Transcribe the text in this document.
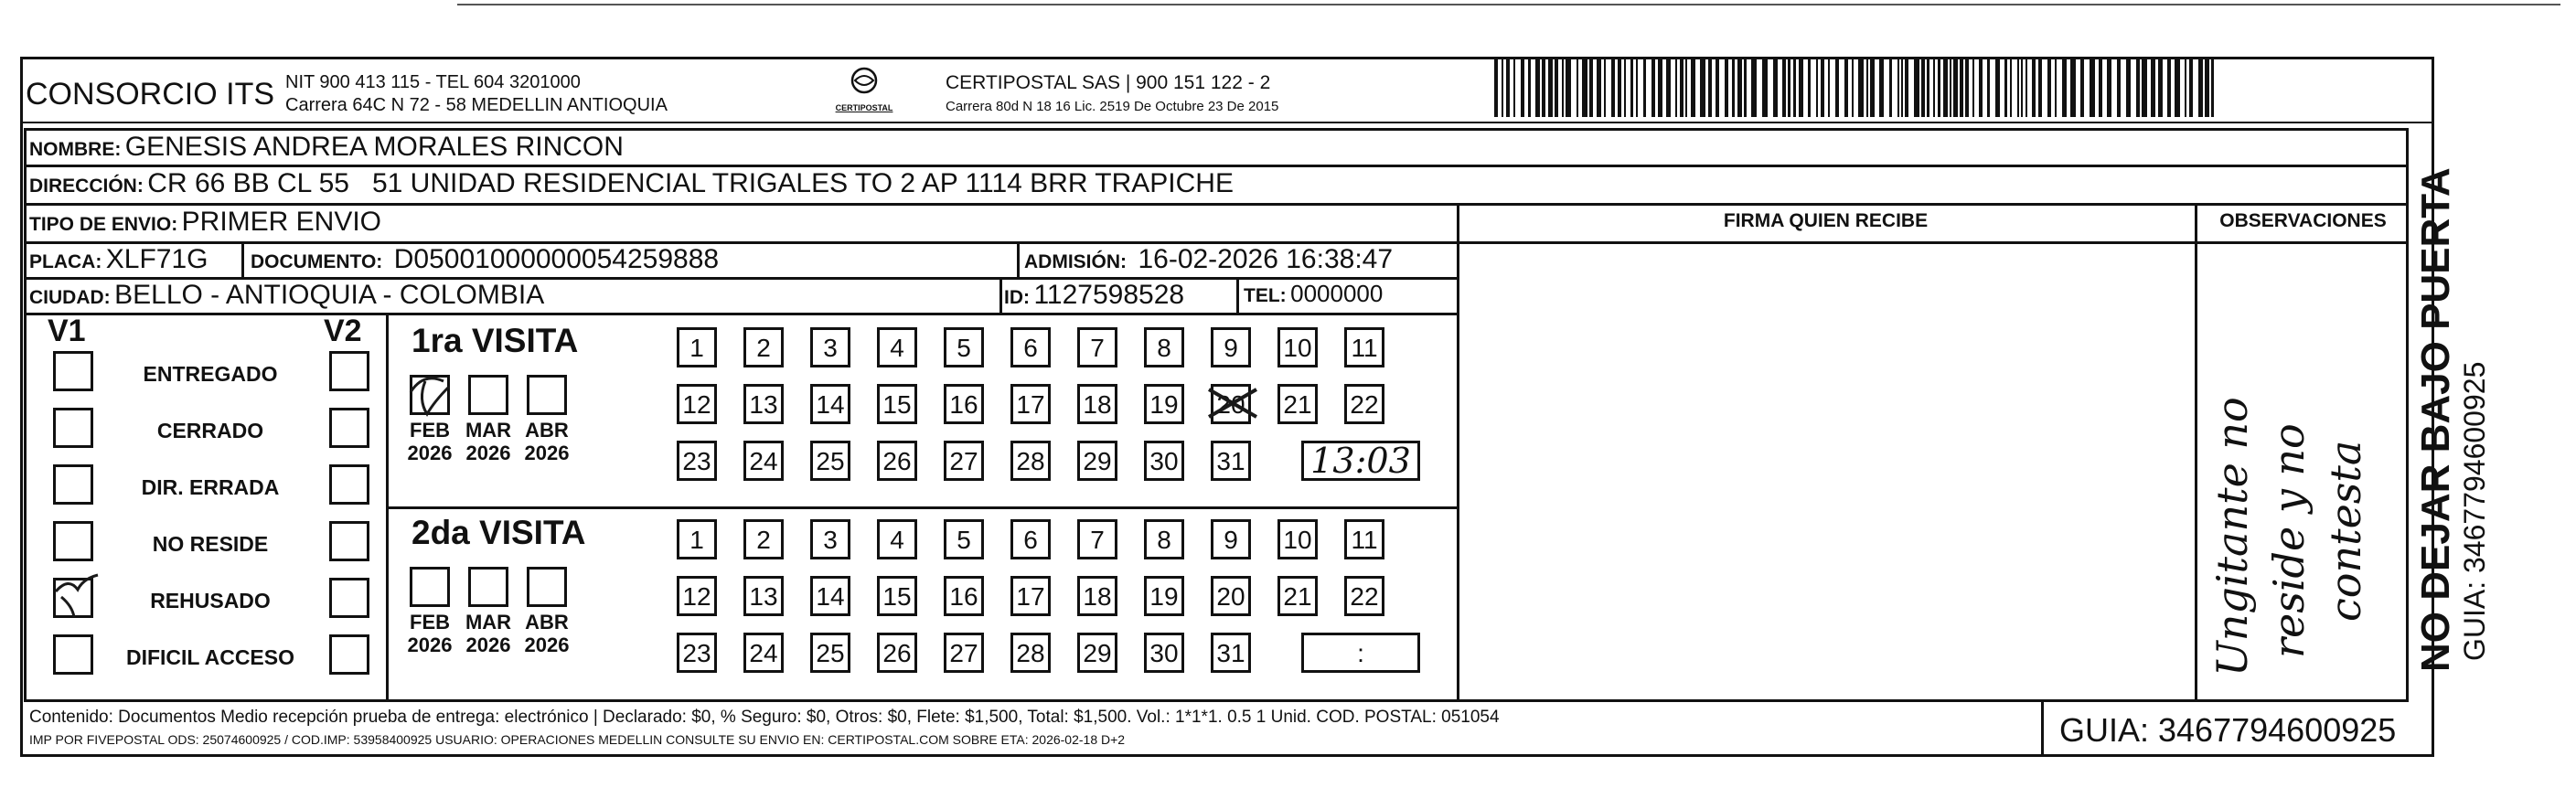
CONSORCIO ITS NIT 900 413 115 - TEL 604 3201000
Carrera 64C N 72 - 58 MEDELLIN ANTIOQUIA	CERTIPOSTAL
CERTIPOSTAL SAS | 900 151 122 - 2
Carrera 80d N 18 16 Lic. 2519 De Octubre 23 De 2015
NOMBRE: GENESIS ANDREA MORALES RINCON
DIRECCIÓN: CR 66 BB CL 55   51 UNIDAD RESIDENCIAL TRIGALES TO 2 AP 1114 BRR TRAPICHE
TIPO DE ENVIO: PRIMER ENVIO	FIRMA QUIEN RECIBE	OBSERVACIONES
PLACA: XLF71G DOCUMENTO: D05001000000054259888	ADMISIÓN: 16-02-2026 16:38:47
CIUDAD: BELLO - ANTIOQUIA - COLOMBIA	ID: 1127598528	TEL: 0000000
V1	V2
ENTREGADO
CERRADO
DIR. ERRADA
NO RESIDE
REHUSADO
DIFICIL ACCESO
1ra VISITA
2da VISITA
FEB
2026
MAR
2026
ABR
2026
1	2	3	4	5	6	7	8	9	10 11
12 13 14 15 16 17 18 19 20 21 22
23 24 25 26 27 28 29 30 31 13:03
FEB
2026
MAR
2026
ABR
2026
1	2	3	4	5	6	7	8	9	10 11
12 13 14 15 16 17 18 19 20 21 22
23 24 25 26 27 28 29 30 31	:	Ungitante no reside y no contesta NO DEJAR BAJO PUERTA GUIA: 3467794600925
Contenido: Documentos Medio recepción prueba de entrega: electrónico | Declarado: $0, % Seguro: $0, Otros: $0, Flete: $1,500, Total: $1,500. Vol.: 1*1*1. 0.5 1 Unid. COD. POSTAL: 051054
IMP POR FIVEPOSTAL ODS: 25074600925 / COD.IMP: 53958400925 USUARIO: OPERACIONES MEDELLIN CONSULTE SU ENVIO EN: CERTIPOSTAL.COM SOBRE ETA: 2026-02-18 D+2	GUIA: 3467794600925
